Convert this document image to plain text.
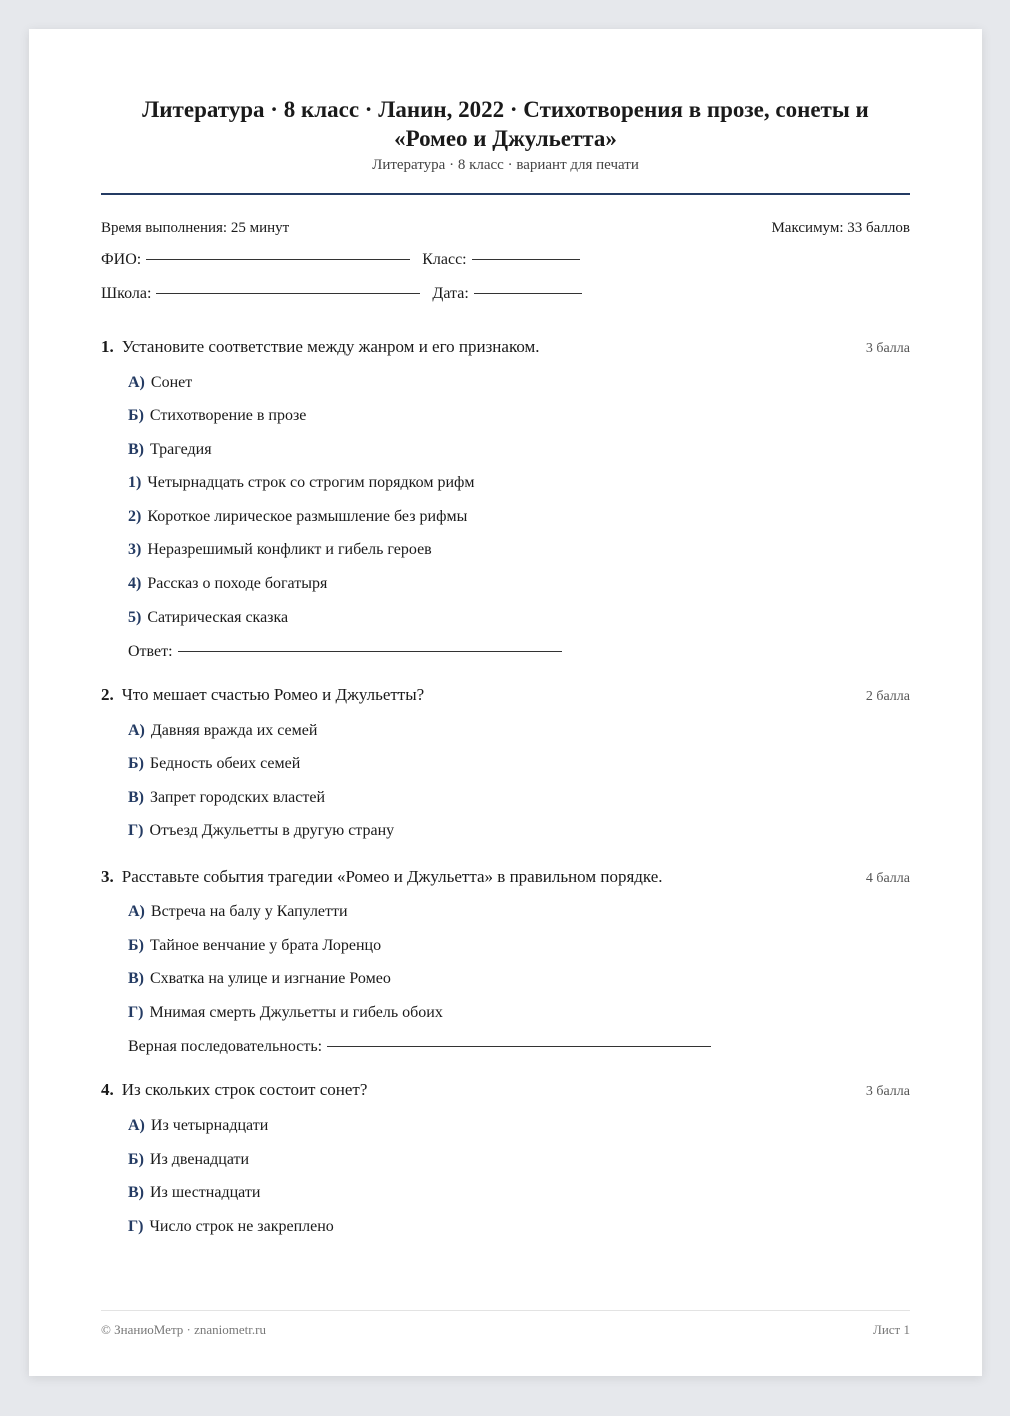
Литература · 8 класс · Ланин, 2022 · Стихотворения в прозе, сонеты и
«Ромео и Джульетта»
Литература · 8 класс · вариант для печати
Время выполнения: 25 минут	Максимум: 33 баллов
ФИО:	Класс:
Школа:	Дата:
1. Установите соответствие между жанром и его признаком.	3 балла
А) Сонет
Б) Стихотворение в прозе
В) Трагедия
1) Четырнадцать строк со строгим порядком рифм
2) Короткое лирическое размышление без рифмы
3) Неразрешимый конфликт и гибель героев
4) Рассказ о походе богатыря
5) Сатирическая сказка
Ответ:
2. Что мешает счастью Ромео и Джульетты?	2 балла
А) Давняя вражда их семей
Б) Бедность обеих семей
В) Запрет городских властей
Г) Отъезд Джульетты в другую страну
3. Расставьте события трагедии «Ромео и Джульетта» в правильном порядке.	4 балла
А) Встреча на балу у Капулетти
Б) Тайное венчание у брата Лоренцо
В) Схватка на улице и изгнание Ромео
Г) Мнимая смерть Джульетты и гибель обоих
Верная последовательность:
4. Из скольких строк состоит сонет?	3 балла
А) Из четырнадцати
Б) Из двенадцати
В) Из шестнадцати
Г) Число строк не закреплено
© ЗнаниоМетр · znaniometr.ru	Лист 1
